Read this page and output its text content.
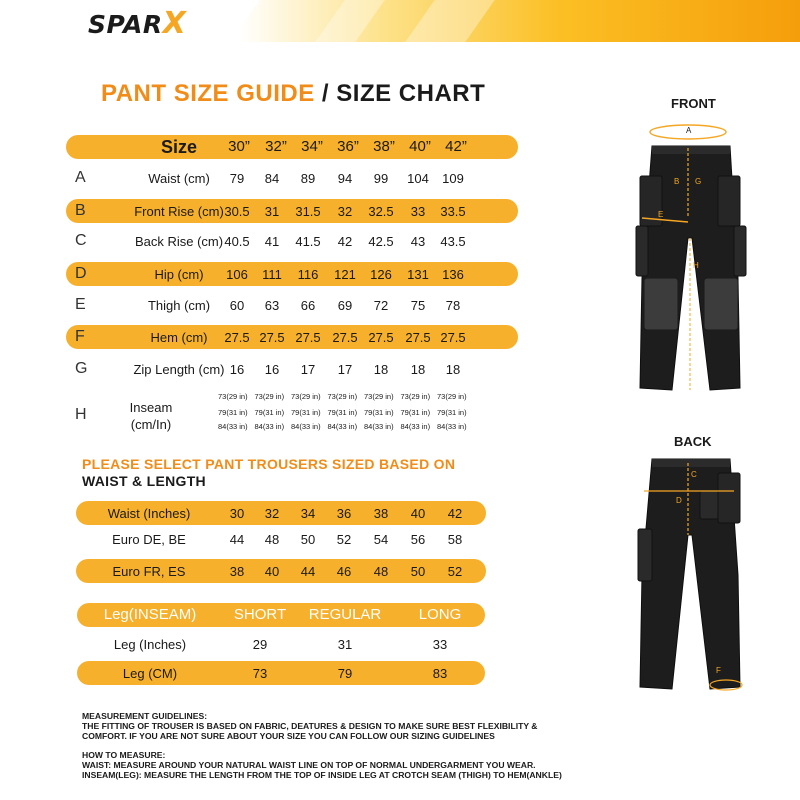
SPARX
PANT SIZE GUIDE / SIZE CHART
Size	30”	32” 34” 36” 38” 40” 42”
A	Waist (cm)	79	84	89	94	99	104	109
B	Front Rise (cm) 30.5	31	31.5	32	32.5	33	33.5
C	Back Rise (cm) 40.5	41	41.5	42	42.5	43	43.5
D	Hip (cm)	106	111	116	121	126	131	136
E	Thigh (cm)	60	63	66	69	72	75	78
F	Hem (cm)	27.5 27.5 27.5 27.5 27.5 27.5 27.5
G	Zip Length (cm) 16	16	17	17	18	18	18
H	Inseam
(cm/In)
73(29 in) 73(29 in) 73(29 in) 73(29 in) 73(29 in) 73(29 in) 73(29 in)
79(31 in) 79(31 in) 79(31 in) 79(31 in) 79(31 in) 79(31 in) 79(31 in)
84(33 in) 84(33 in) 84(33 in) 84(33 in) 84(33 in) 84(33 in) 84(33 in)
PLEASE SELECT PANT TROUSERS SIZED BASED ON
WAIST & LENGTH
Waist (Inches)	30	32	34	36	38	40	42
Euro DE, BE	44	48	50	52	54	56	58
Euro FR, ES	38	40	44	46	48	50	52
Leg(INSEAM)	SHORT	REGULAR	LONG
Leg (Inches)	29	31	33
Leg (CM)	73	79	83
MEASUREMENT GUIDELINES:
THE FITTING OF TROUSER IS BASED ON FABRIC, DEATURES & DESIGN TO MAKE SURE BEST FLEXIBILITY &
COMFORT. IF YOU ARE NOT SURE ABOUT YOUR SIZE YOU CAN FOLLOW OUR SIZING GUIDELINES
HOW TO MEASURE:
WAIST: MEASURE AROUND YOUR NATURAL WAIST LINE ON TOP OF NORMAL UNDERGARMENT YOU WEAR.
INSEAM(LEG): MEASURE THE LENGTH FROM THE TOP OF INSIDE LEG AT CROTCH SEAM (THIGH) TO HEM(ANKLE)
FRONT
A
B G
E
H
BACK
C
D
F
